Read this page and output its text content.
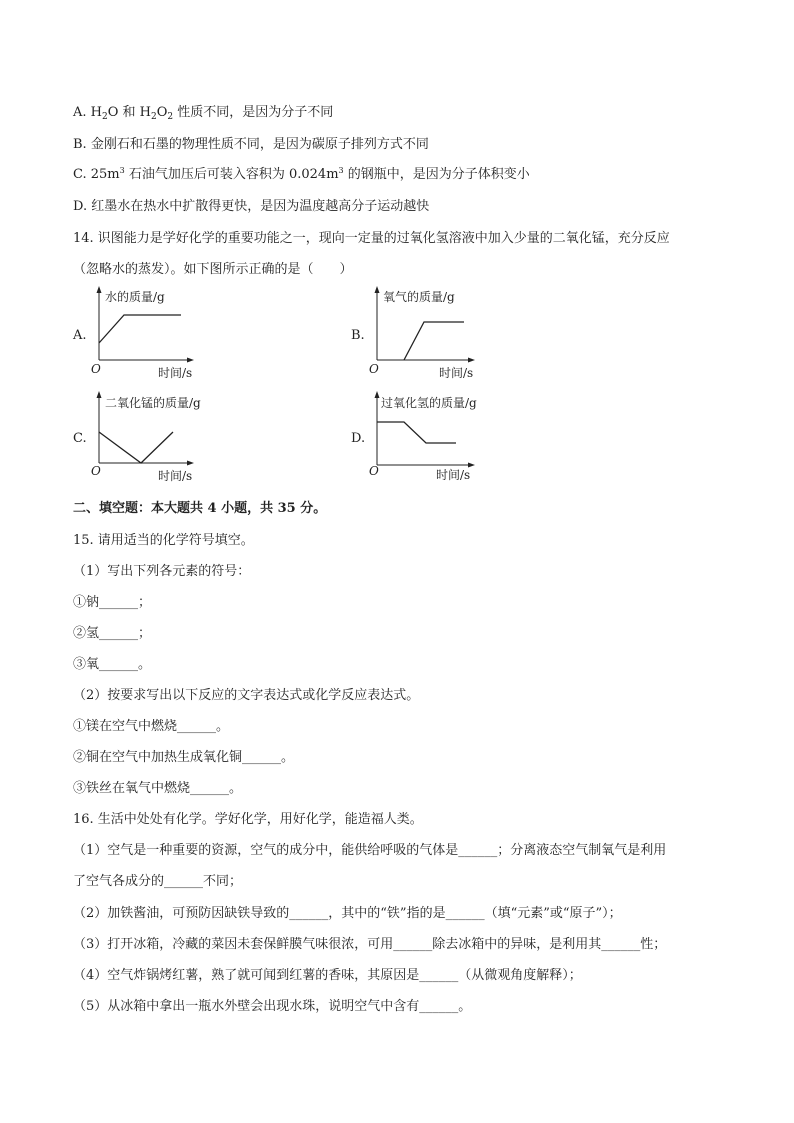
A. $H_2O$ 和 $H_2O_2$ 性质不同，是因为分子不同
B. 金刚石和石墨的物理性质不同，是因为碳原子排列方式不同
C. $25m^3$ 石油气加压后可装入容积为 $0.024m^3$ 的钢瓶中，是因为分子体积变小
D. 红墨水在热水中扩散得更快，是因为温度越高分子运动越快
14. 识图能力是学好化学的重要功能之一，现向一定量的过氧化氢溶液中加入少量的二氧化锰，充分反应
（忽略水的蒸发）。如下图所示正确的是（　　）
A.
O	时间/s
水的质量/g
B.
O	时间/s
氧气的质量/g
C.
O	时间/s
二氧化锰的质量/g
D.
O	时间/s
过氧化氢的质量/g
二、填空题：本大题共 4 小题，共 35 分。
15. 请用适当的化学符号填空。
（1）写出下列各元素的符号：
①钠______；
②氢______；
③氧______。
（2）按要求写出以下反应的文字表达式或化学反应表达式。
①镁在空气中燃烧______。
②铜在空气中加热生成氧化铜______。
③铁丝在氧气中燃烧______。
16. 生活中处处有化学。学好化学，用好化学，能造福人类。
（1）空气是一种重要的资源，空气的成分中，能供给呼吸的气体是______；分离液态空气制氧气是利用
了空气各成分的______不同；
（2）加铁酱油，可预防因缺铁导致的______，其中的“铁”指的是______（填“元素”或“原子”）；
（3）打开冰箱，冷藏的菜因未套保鲜膜气味很浓，可用______除去冰箱中的异味，是利用其______性；
（4）空气炸锅烤红薯，熟了就可闻到红薯的香味，其原因是______（从微观角度解释）；
（5）从冰箱中拿出一瓶水外壁会出现水珠，说明空气中含有______。
